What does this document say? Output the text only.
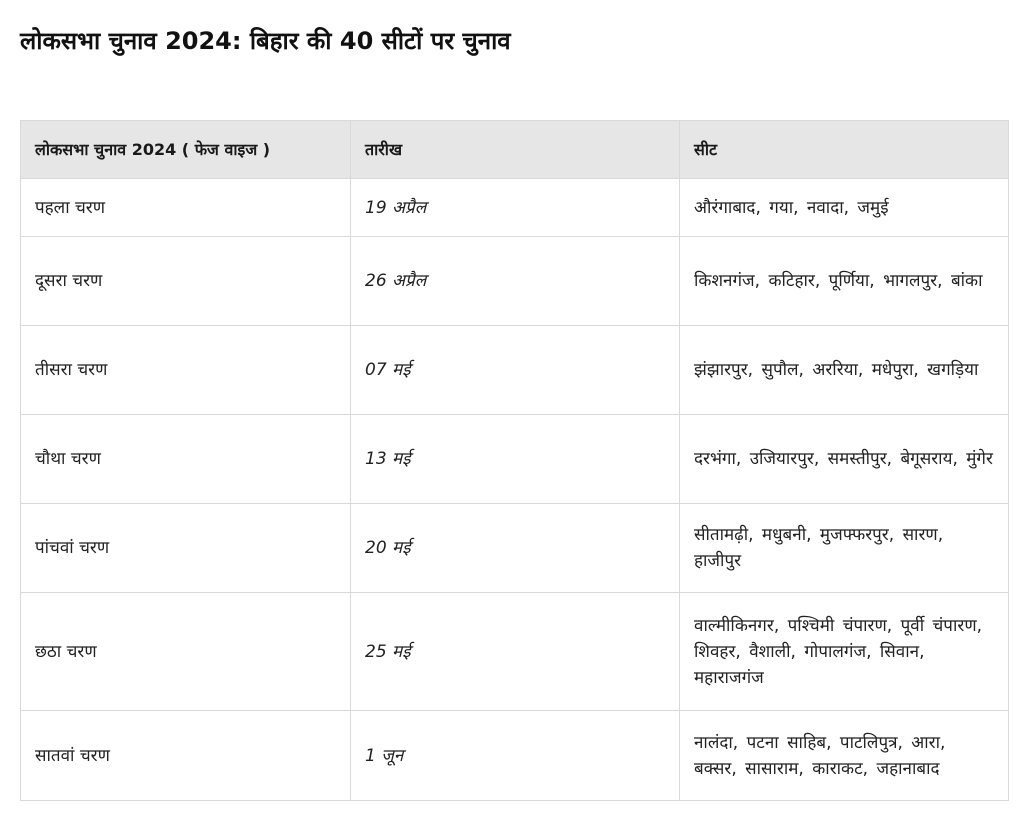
लोकसभा चुनाव 2024: बिहार की 40 सीटों पर चुनाव
लोकसभा चुनाव 2024 ( फेज वाइज )	तारीख	सीट
पहला चरण	19 अप्रैल	औरंगाबाद, गया, नवादा, जमुई
दूसरा चरण	26 अप्रैल	किशनगंज, कटिहार, पूर्णिया, भागलपुर, बांका
तीसरा चरण	07 मई	झंझारपुर, सुपौल, अररिया, मधेपुरा, खगड़िया
चौथा चरण	13 मई	दरभंगा, उजियारपुर, समस्तीपुर, बेगूसराय, मुंगेर
पांचवां चरण	20 मई	सीतामढ़ी, मधुबनी, मुजफ्फरपुर, सारण, हाजीपुर
छठा चरण	25 मई	वाल्मीकिनगर, पश्चिमी चंपारण, पूर्वी चंपारण, शिवहर, वैशाली, गोपालगंज, सिवान, महाराजगंज
सातवां चरण	1 जून	नालंदा, पटना साहिब, पाटलिपुत्र, आरा, बक्सर, सासाराम, काराकट, जहानाबाद
